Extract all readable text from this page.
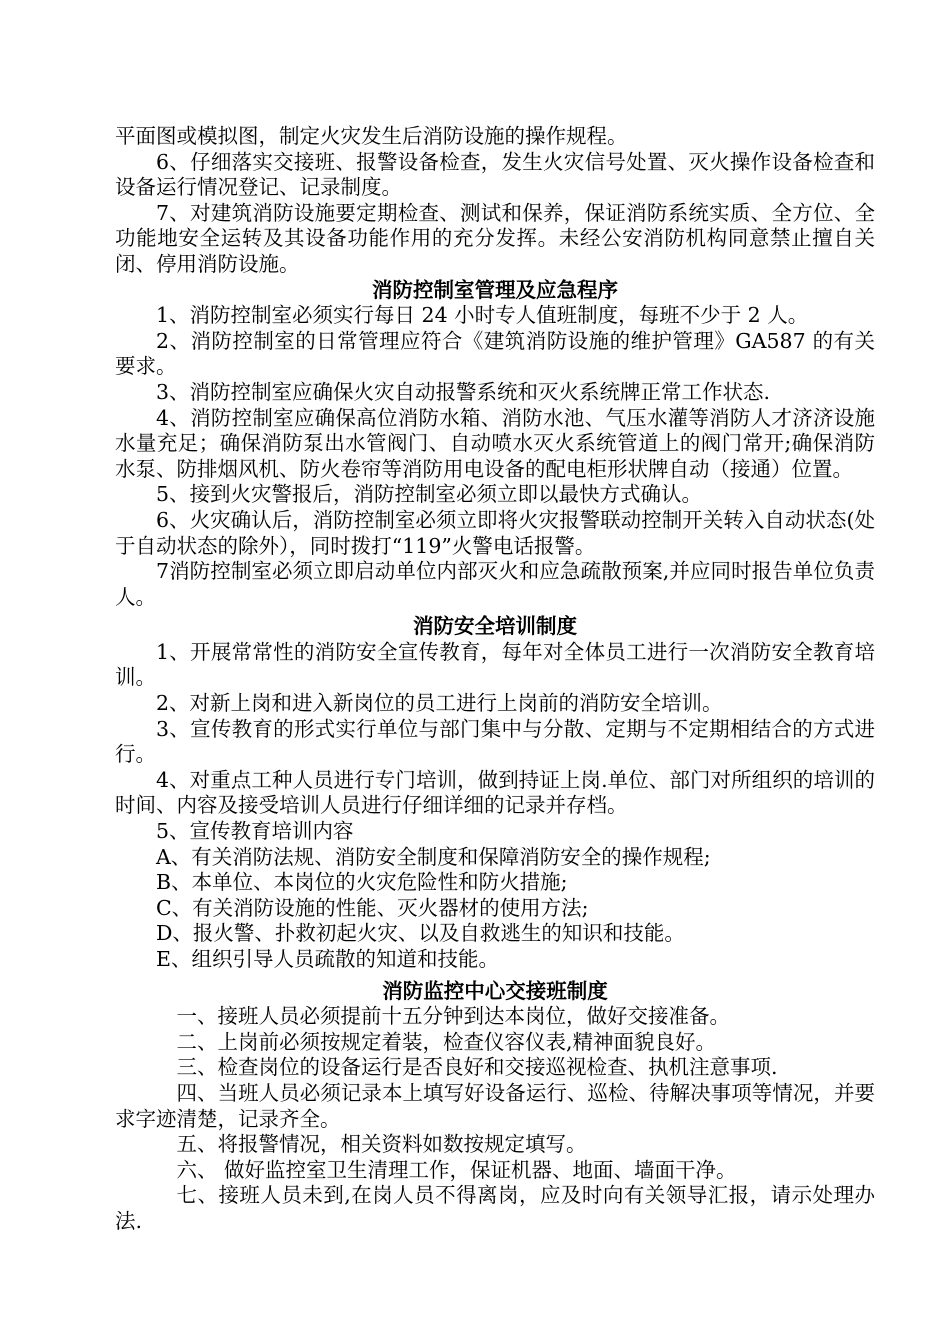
平面图或模拟图，制定火灾发生后消防设施的操作规程。

6、仔细落实交接班、报警设备检查，发生火灾信号处置、灭火操作设备检查和设备运行情况登记、记录制度。

7、对建筑消防设施要定期检查、测试和保养，保证消防系统实质、全方位、全功能地安全运转及其设备功能作用的充分发挥。未经公安消防机构同意禁止擅自关闭、停用消防设施。

消防控制室管理及应急程序

1、消防控制室必须实行每日 24 小时专人值班制度，每班不少于 2 人。

2、消防控制室的日常管理应符合《建筑消防设施的维护管理》GA587 的有关要求。

3、消防控制室应确保火灾自动报警系统和灭火系统牌正常工作状态.

4、消防控制室应确保高位消防水箱、消防水池、气压水灌等消防人才济济设施水量充足；确保消防泵出水管阀门、自动喷水灭火系统管道上的阀门常开;确保消防水泵、防排烟风机、防火卷帘等消防用电设备的配电柜形状牌自动（接通）位置。

5、接到火灾警报后，消防控制室必须立即以最快方式确认。

6、火灾确认后，消防控制室必须立即将火灾报警联动控制开关转入自动状态(处于自动状态的除外），同时拨打“119”火警电话报警。

7消防控制室必须立即启动单位内部灭火和应急疏散预案,并应同时报告单位负责人。

消防安全培训制度

1、开展常常性的消防安全宣传教育，每年对全体员工进行一次消防安全教育培训。

2、对新上岗和进入新岗位的员工进行上岗前的消防安全培训。

3、宣传教育的形式实行单位与部门集中与分散、定期与不定期相结合的方式进行。

4、对重点工种人员进行专门培训，做到持证上岗.单位、部门对所组织的培训的时间、内容及接受培训人员进行仔细详细的记录并存档。

5、宣传教育培训内容

A、有关消防法规、消防安全制度和保障消防安全的操作规程;

B、本单位、本岗位的火灾危险性和防火措施;

C、有关消防设施的性能、灭火器材的使用方法;

D、报火警、扑救初起火灾、以及自救逃生的知识和技能。

E、组织引导人员疏散的知道和技能。

消防监控中心交接班制度

一、接班人员必须提前十五分钟到达本岗位，做好交接准备。

二、上岗前必须按规定着装，检查仪容仪表,精神面貌良好。

三、检查岗位的设备运行是否良好和交接巡视检查、执机注意事项.

四、当班人员必须记录本上填写好设备运行、巡检、待解决事项等情况，并要求字迹清楚，记录齐全。

五、将报警情况，相关资料如数按规定填写。

六、 做好监控室卫生清理工作，保证机器、地面、墙面干净。

七、接班人员未到,在岗人员不得离岗，应及时向有关领导汇报，请示处理办法.
